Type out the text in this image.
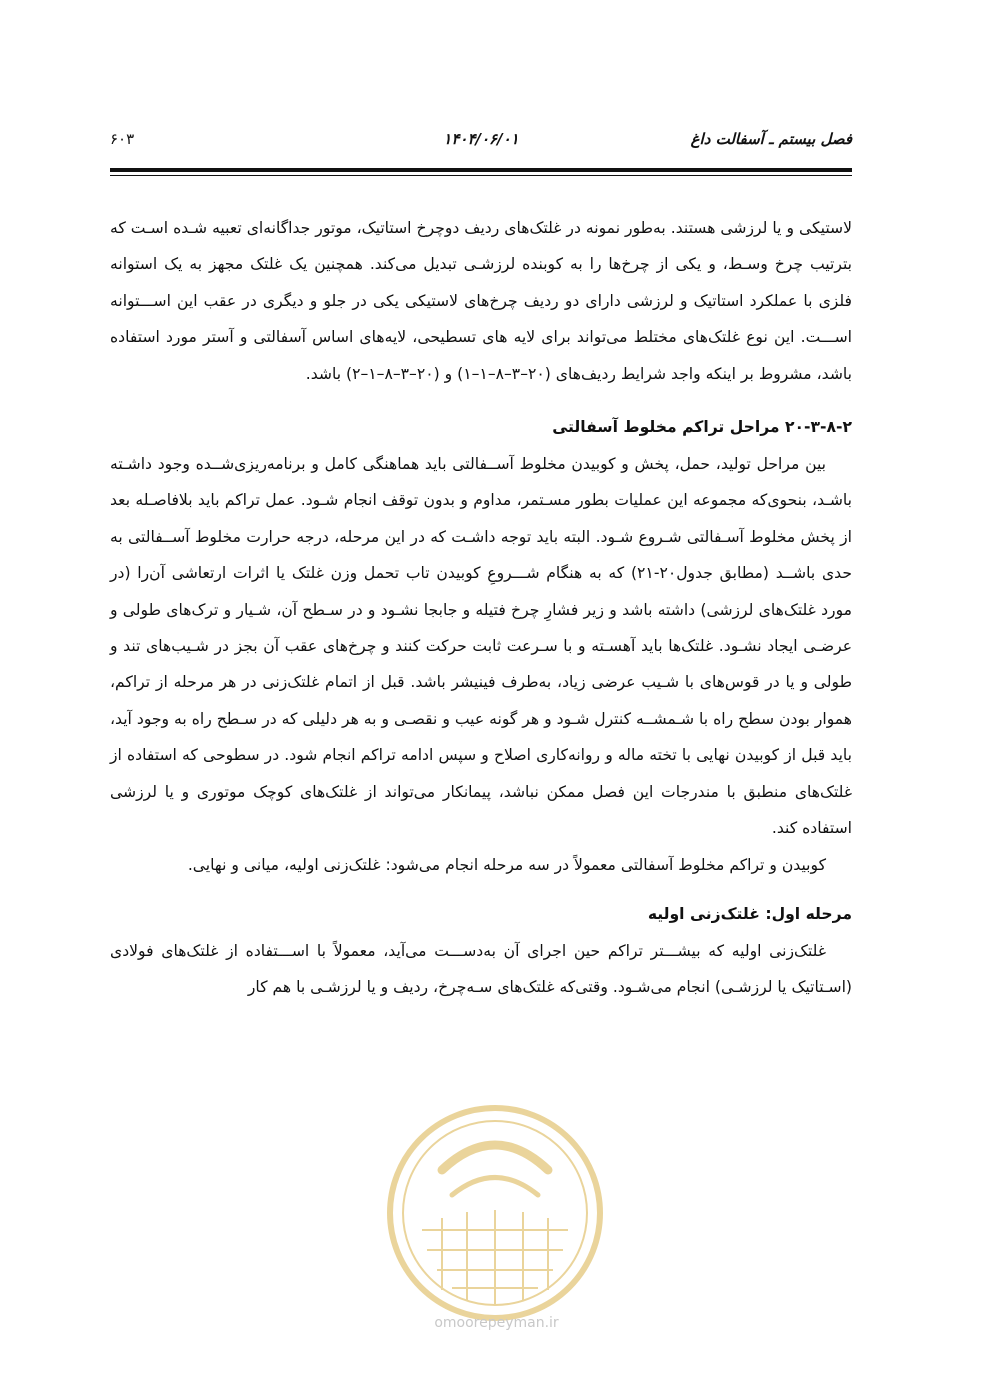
فصل بیستم ـ آسفالت داغ
۱۴۰۴/۰۶/۰۱
۶۰۳

لاستیکی و یا لرزشی هستند. به‌طور نمونه در غلتک‌های ردیف دوچرخ استاتیک، موتور جداگانه‌ای تعبیه شـده اسـت که بترتیب چرخ وسـط، و یکی از چرخ‌ها را به کوبنده لرزشـی تبدیل می‌کند. همچنین یک غلتک مجهز به یک استوانه فلزی با عملکرد استاتیک و لرزشی دارای دو ردیف چرخ‌های لاستیکی یکی در جلو و دیگری در عقب این اســـتوانه اســـت. این نوع غلتک‌های مختلط می‌تواند برای لایه های تسطیحی، لایه‌های اساس آسفالتی و آستر مورد استفاده باشد، مشروط بر اینکه واجد شرایط ردیف‌های (۲۰–۳–۸–۱–۱) و (۲۰–۳–۸–۱–۲) باشد.

۲۰-۳-۸-۲ مراحل تراکم مخلوط آسفالتی

بین مراحل تولید، حمل، پخش و کوبیدن مخلوط آســفالتی باید هماهنگی کامل و برنامه‌ریزی‌شــده وجود داشـته باشـد، بنحوی‌که مجموعه این عملیات بطور مسـتمر، مداوم و بدون توقف انجام شـود. عمل تراکم باید بلافاصـله بعد از پخش مخلوط آسـفالتی شـروع شـود. البته باید توجه داشـت که در این مرحله، درجه حرارت مخلوط آســفالتی به حدی باشــد (مطابق جدول۲۰-۲۱) که به هنگام شـــروعِ کوبیدن تاب تحمل وزن غلتک یا اثرات ارتعاشی آن‌را (در مورد غلتک‌های لرزشی) داشته باشد و زیر فشارِ چرخ فتیله و جابجا نشـود و در سـطح آن، شـیار و ترک‌های طولی و عرضـی ایجاد نشـود. غلتک‌ها باید آهسـته و با سـرعت ثابت حرکت کنند و چرخ‌های عقب آن بجز در شـیب‌های تند و طولی و یا در قوس‌های با شـیب عرضی زیاد، به‌طرف فینیشر باشد. قبل از اتمام غلتک‌زنی در هر مرحله از تراکم، هموار بودن سطح راه با شـمشــه کنترل شـود و هر گونه عیب و نقصـی و به هر دلیلی که در سـطح راه به وجود آید، باید قبل از کوبیدن نهایی با تخته ماله و روانه‌کاری اصلاح و سپس ادامه تراکم انجام شود. در سطوحی که استفاده از غلتک‌های منطبق با مندرجات این فصل ممکن نباشد، پیمانکار می‌تواند از غلتک‌های کوچک موتوری و یا لرزشی استفاده کند.

کوبیدن و تراکم مخلوط آسفالتی معمولاً در سه مرحله انجام می‌شود: غلتک‌زنی اولیه، میانی و نهایی.

مرحله اول: غلتک‌زنی اولیه

غلتک‌زنی اولیه که بیشـــتر تراکم حین اجرای آن به‌دســـت می‌آید، معمولاً با اســـتفاده از غلتک‌های فولادی (اسـتاتیک یا لرزشـی) انجام می‌شـود. وقتی‌که غلتک‌های سـه‌چرخ، ردیف و یا لرزشـی با هم کار

omoorepeyman.ir
